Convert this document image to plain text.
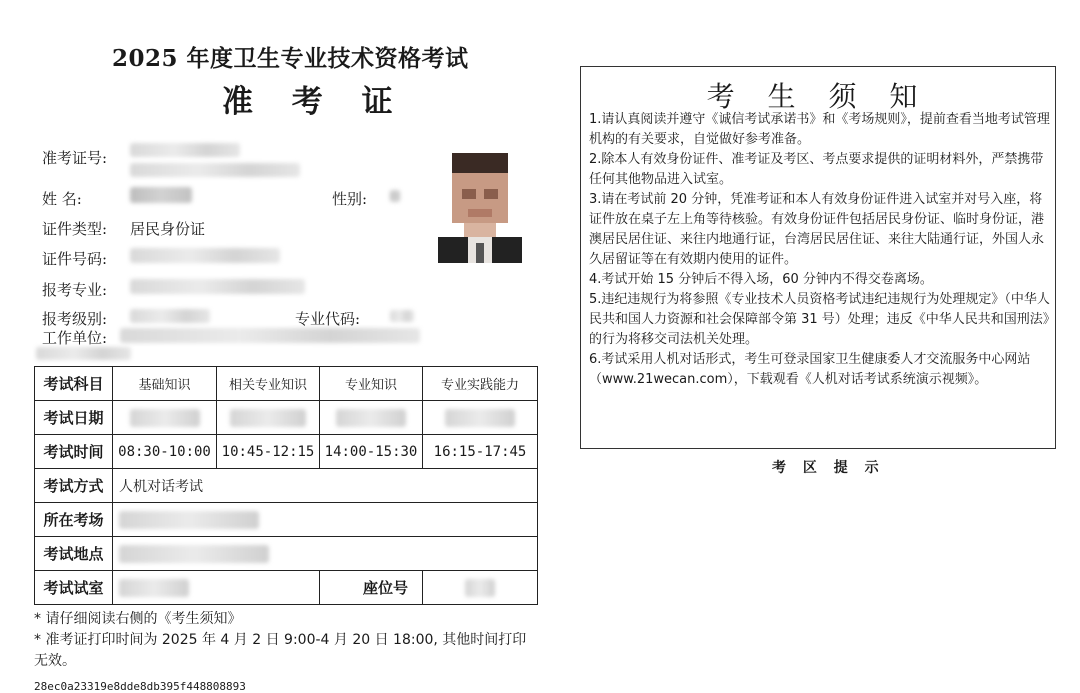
2025 年度卫生专业技术资格考试
准 考 证
准考证号:
姓 名:	性别:
证件类型: 居民身份证
证件号码:
报考专业:
报考级别:	专业代码:
工作单位:
考试科目	基础知识	相关专业知识	专业知识	专业实践能力
考试日期				
考试时间	08:30-10:00	10:45-12:15	14:00-15:30	16:15-17:45
考试方式	人机对话考试			
所在考场				
考试地点				
考试试室			座位号	
* 请仔细阅读右侧的《考生须知》
* 准考证打印时间为 2025 年 4 月 2 日 9:00-4 月 20 日 18:00, 其他时间打印无效。
28ec0a23319e8dde8db395f448808893
考 生 须 知
1.请认真阅读并遵守《诚信考试承诺书》和《考场规则》，提前查看当地考试管理机构的有关要求，自觉做好参考准备。
2.除本人有效身份证件、准考证及考区、考点要求提供的证明材料外，严禁携带任何其他物品进入试室。
3.请在考试前 20 分钟，凭准考证和本人有效身份证件进入试室并对号入座，将证件放在桌子左上角等待核验。有效身份证件包括居民身份证、临时身份证，港澳居民居住证、来往内地通行证，台湾居民居住证、来往大陆通行证，外国人永久居留证等在有效期内使用的证件。
4.考试开始 15 分钟后不得入场，60 分钟内不得交卷离场。
5.违纪违规行为将参照《专业技术人员资格考试违纪违规行为处理规定》（中华人民共和国人力资源和社会保障部令第 31 号）处理；违反《中华人民共和国刑法》的行为将移交司法机关处理。
6.考试采用人机对话形式，考生可登录国家卫生健康委人才交流服务中心网站（www.21wecan.com），下载观看《人机对话考试系统演示视频》。
考 区 提 示
